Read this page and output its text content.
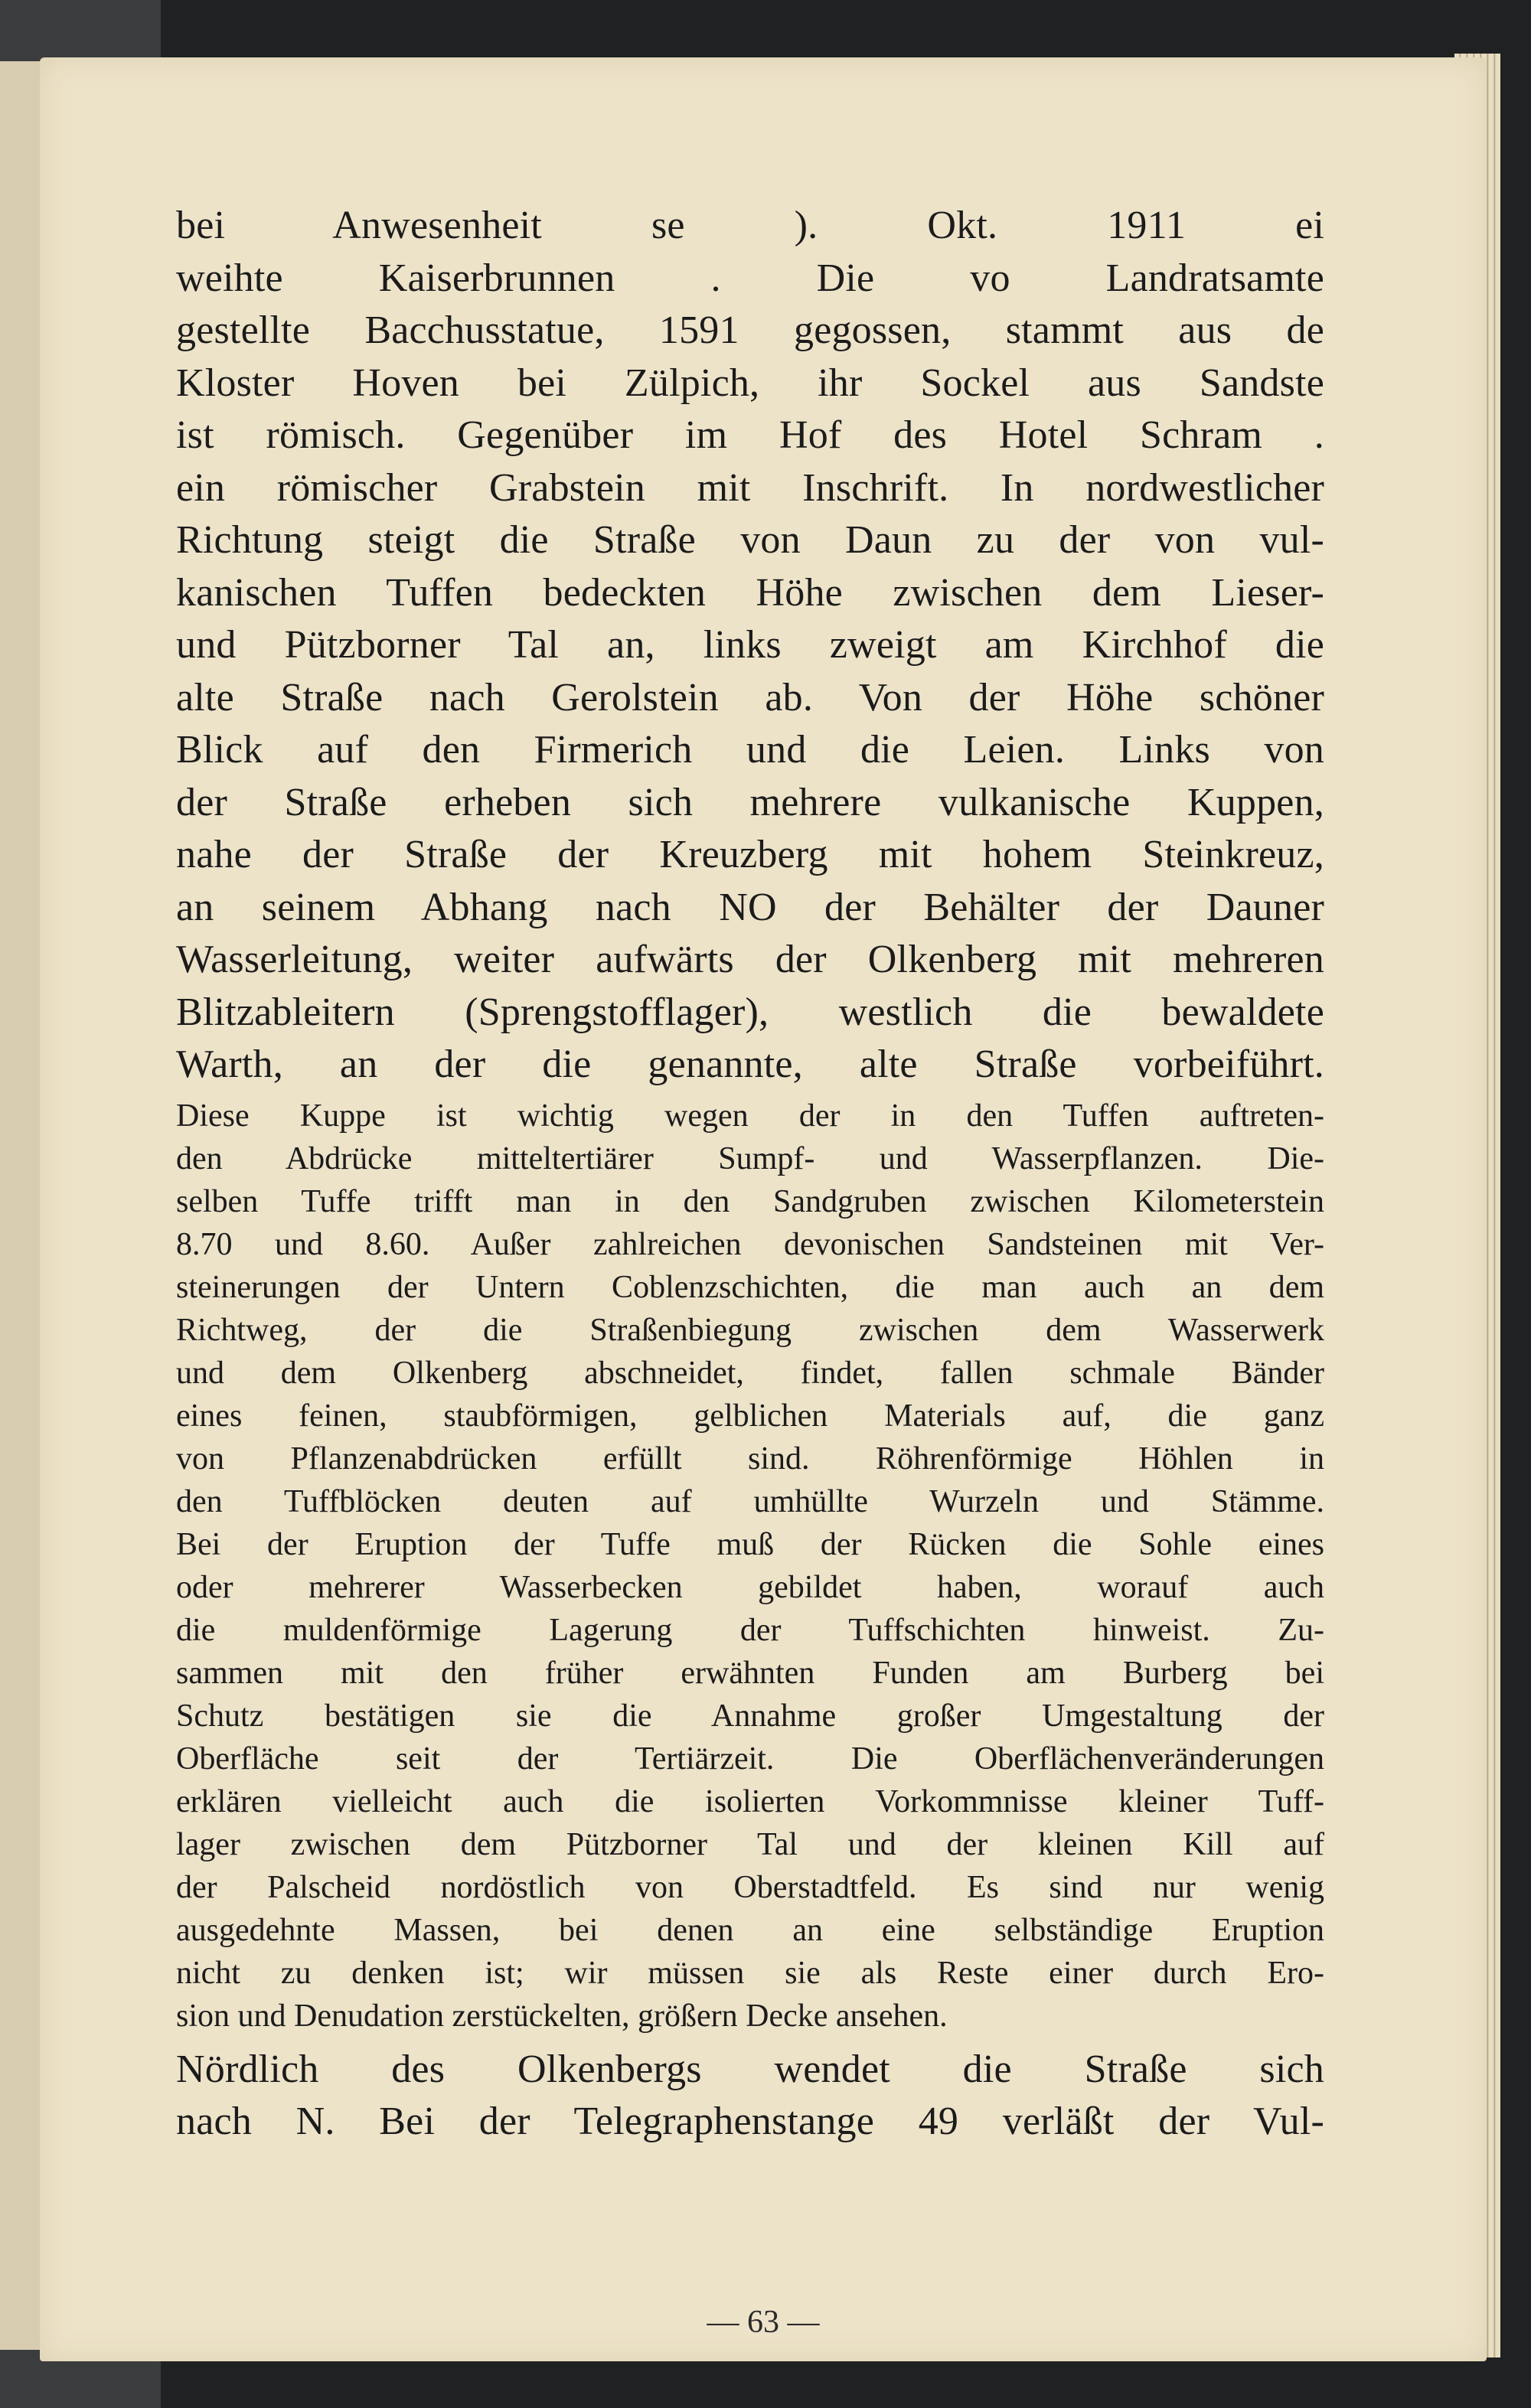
bei Anwesenheit se ). Okt. 1911 ei
weihte Kaiserbrunnen . Die vo Landratsamte
gestellte Bacchusstatue, 1591 gegossen, stammt aus de
Kloster Hoven bei Zülpich, ihr Sockel aus Sandste
ist römisch. Gegenüber im Hof des Hotel Schram .
ein römischer Grabstein mit Inschrift. In nordwestlicher
Richtung steigt die Straße von Daun zu der von vul-
kanischen Tuffen bedeckten Höhe zwischen dem Lieser-
und Pützborner Tal an, links zweigt am Kirchhof die
alte Straße nach Gerolstein ab. Von der Höhe schöner
Blick auf den Firmerich und die Leien. Links von
der Straße erheben sich mehrere vulkanische Kuppen,
nahe der Straße der Kreuzberg mit hohem Steinkreuz,
an seinem Abhang nach NO der Behälter der Dauner
Wasserleitung, weiter aufwärts der Olkenberg mit mehreren
Blitzableitern (Sprengstofflager), westlich die bewaldete
Warth, an der die genannte, alte Straße vorbeiführt.
Diese Kuppe ist wichtig wegen der in den Tuffen auftreten-
den Abdrücke mitteltertiärer Sumpf- und Wasserpflanzen. Die-
selben Tuffe trifft man in den Sandgruben zwischen Kilometerstein
8.70 und 8.60. Außer zahlreichen devonischen Sandsteinen mit Ver-
steinerungen der Untern Coblenzschichten, die man auch an dem
Richtweg, der die Straßenbiegung zwischen dem Wasserwerk
und dem Olkenberg abschneidet, findet, fallen schmale Bänder
eines feinen, staubförmigen, gelblichen Materials auf, die ganz
von Pflanzenabdrücken erfüllt sind. Röhrenförmige Höhlen in
den Tuffblöcken deuten auf umhüllte Wurzeln und Stämme.
Bei der Eruption der Tuffe muß der Rücken die Sohle eines
oder mehrerer Wasserbecken gebildet haben, worauf auch
die muldenförmige Lagerung der Tuffschichten hinweist. Zu-
sammen mit den früher erwähnten Funden am Burberg bei
Schutz bestätigen sie die Annahme großer Umgestaltung der
Oberfläche seit der Tertiärzeit. Die Oberflächenveränderungen
erklären vielleicht auch die isolierten Vorkommnisse kleiner Tuff-
lager zwischen dem Pützborner Tal und der kleinen Kill auf
der Palscheid nordöstlich von Oberstadtfeld. Es sind nur wenig
ausgedehnte Massen, bei denen an eine selbständige Eruption
nicht zu denken ist; wir müssen sie als Reste einer durch Ero-
sion und Denudation zerstückelten, größern Decke ansehen.
Nördlich des Olkenbergs wendet die Straße sich
nach N. Bei der Telegraphenstange 49 verläßt der Vul-
— 63 —
